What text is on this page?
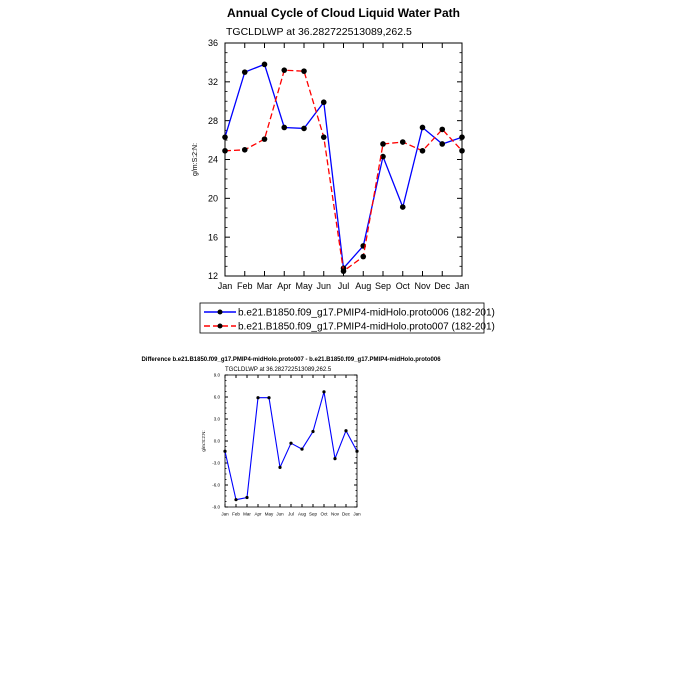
Annual Cycle of Cloud Liquid Water Path
TGCLDLWP at 36.282722513089,262.5
12
16
20
24
28
32
36
Jan Feb Mar Apr May Jun Jul Aug Sep Oct Nov Dec Jan
g/m:S:2:N:
b.e21.B1850.f09_g17.PMIP4-midHolo.proto006 (182-201)
b.e21.B1850.f09_g17.PMIP4-midHolo.proto007 (182-201)
Difference b.e21.B1850.f09_g17.PMIP4-midHolo.proto007 - b.e21.B1850.f09_g17.PMIP4-midHolo.proto006
TGCLDLWP at 36.282722513089,262.5
-9.0
-6.0
-3.0
0.0
3.0
6.0
9.0
Jan Feb Mar Apr May Jun Jul Aug Sep Oct Nov Dec Jan
g/m:S:2:N:
